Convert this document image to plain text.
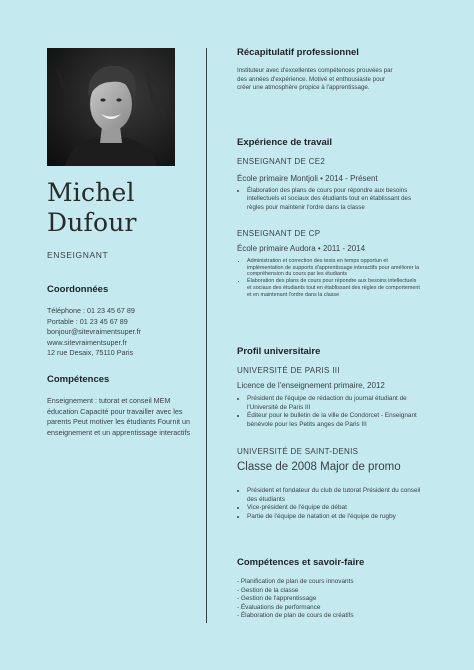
Michel
Dufour
ENSEIGNANT
Coordonnées
Téléphone : 01 23 45 67 89
Portable : 01 23 45 67 89
bonjour@sitevraimentsuper.fr
www.sitevraimentsuper.fr
12 rue Desaix, 75110 Paris
Compétences
Enseignement : tutorat et conseil MEM éducation Capacité pour travailler avec les parents Peut motiver les étudiants Fournit un enseignement et un apprentissage interactifs
Récapitulatif professionnel
Instituteur avec d'excellentes compétences prouvées par des années d'expérience. Motivé et enthousiaste pour créer une atmosphère propice à l'apprentissage.
Expérience de travail
ENSEIGNANT DE CE2
École primaire Montjoli • 2014 - Présent
• Élaboration des plans de cours pour répondre aux besoins intellectuels et sociaux des étudiants tout en établissant des règles pour maintenir l'ordre dans la classe
ENSEIGNANT DE CP
École primaire Audora • 2011 - 2014
• Administration et correction des tests en temps opportun et implémentation de supports d'apprentissage interactifs pour améliorer la compréhension du cours par les étudiants
• Élaboration des plans de cours pour répondre aux besoins intellectuels et sociaux des étudiants tout en établissant des règles de comportement et en maintenant l'ordre dans la classe
Profil universitaire
UNIVERSITÉ DE PARIS III
Licence de l'enseignement primaire, 2012
• Président de l'équipe de rédaction du journal étudiant de l'Université de Paris III
• Éditeur pour le bulletin de la ville de Condorcet - Enseignant bénévole pour les Petits anges de Paris III
UNIVERSITÉ DE SAINT-DENIS
Classe de 2008 Major de promo
• Président et fondateur du club de tutorat Président du conseil des étudiants
• Vice-président de l'équipe de débat
• Partie de l'équipe de natation et de l'équipe de rugby
Compétences et savoir-faire
- Planification de plan de cours innovants
- Gestion de la classe
- Gestion de l'apprentissage
- Évaluations de performance
- Élaboration de plan de cours de créatifs
